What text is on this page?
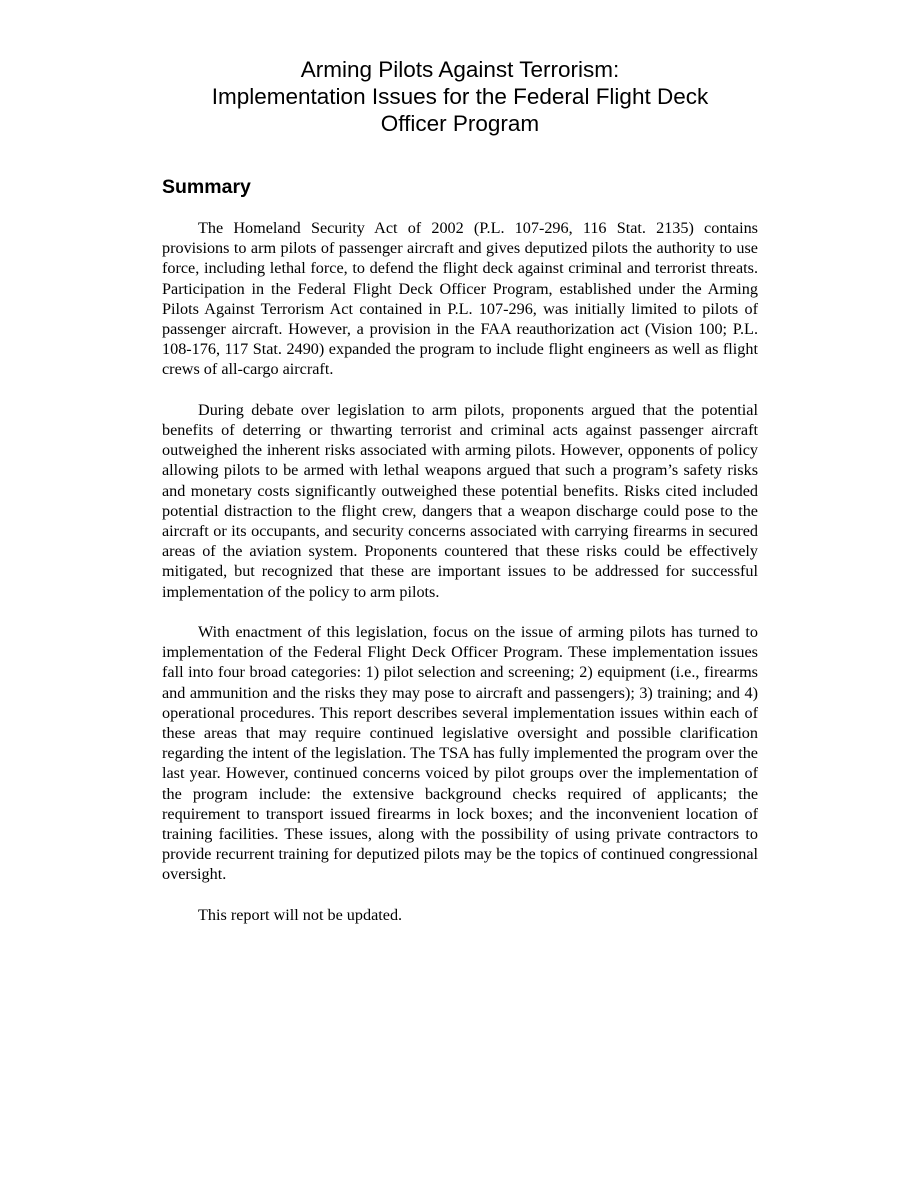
Arming Pilots Against Terrorism:
Implementation Issues for the Federal Flight Deck
Officer Program
Summary

The Homeland Security Act of 2002 (P.L. 107-296, 116 Stat. 2135) contains provisions to arm pilots of passenger aircraft and gives deputized pilots the authority to use force, including lethal force, to defend the flight deck against criminal and terrorist threats. Participation in the Federal Flight Deck Officer Program, established under the Arming Pilots Against Terrorism Act contained in P.L. 107-296, was initially limited to pilots of passenger aircraft. However, a provision in the FAA reauthorization act (Vision 100; P.L. 108-176, 117 Stat. 2490) expanded the program to include flight engineers as well as flight crews of all-cargo aircraft.

During debate over legislation to arm pilots, proponents argued that the potential benefits of deterring or thwarting terrorist and criminal acts against passenger aircraft outweighed the inherent risks associated with arming pilots. However, opponents of policy allowing pilots to be armed with lethal weapons argued that such a program’s safety risks and monetary costs significantly outweighed these potential benefits. Risks cited included potential distraction to the flight crew, dangers that a weapon discharge could pose to the aircraft or its occupants, and security concerns associated with carrying firearms in secured areas of the aviation system. Proponents countered that these risks could be effectively mitigated, but recognized that these are important issues to be addressed for successful implementation of the policy to arm pilots.

With enactment of this legislation, focus on the issue of arming pilots has turned to implementation of the Federal Flight Deck Officer Program. These implementation issues fall into four broad categories: 1) pilot selection and screening; 2) equipment (i.e., firearms and ammunition and the risks they may pose to aircraft and passengers); 3) training; and 4) operational procedures. This report describes several implementation issues within each of these areas that may require continued legislative oversight and possible clarification regarding the intent of the legislation. The TSA has fully implemented the program over the last year. However, continued concerns voiced by pilot groups over the implementation of the program include: the extensive background checks required of applicants; the requirement to transport issued firearms in lock boxes; and the inconvenient location of training facilities. These issues, along with the possibility of using private contractors to provide recurrent training for deputized pilots may be the topics of continued congressional oversight.

This report will not be updated.
